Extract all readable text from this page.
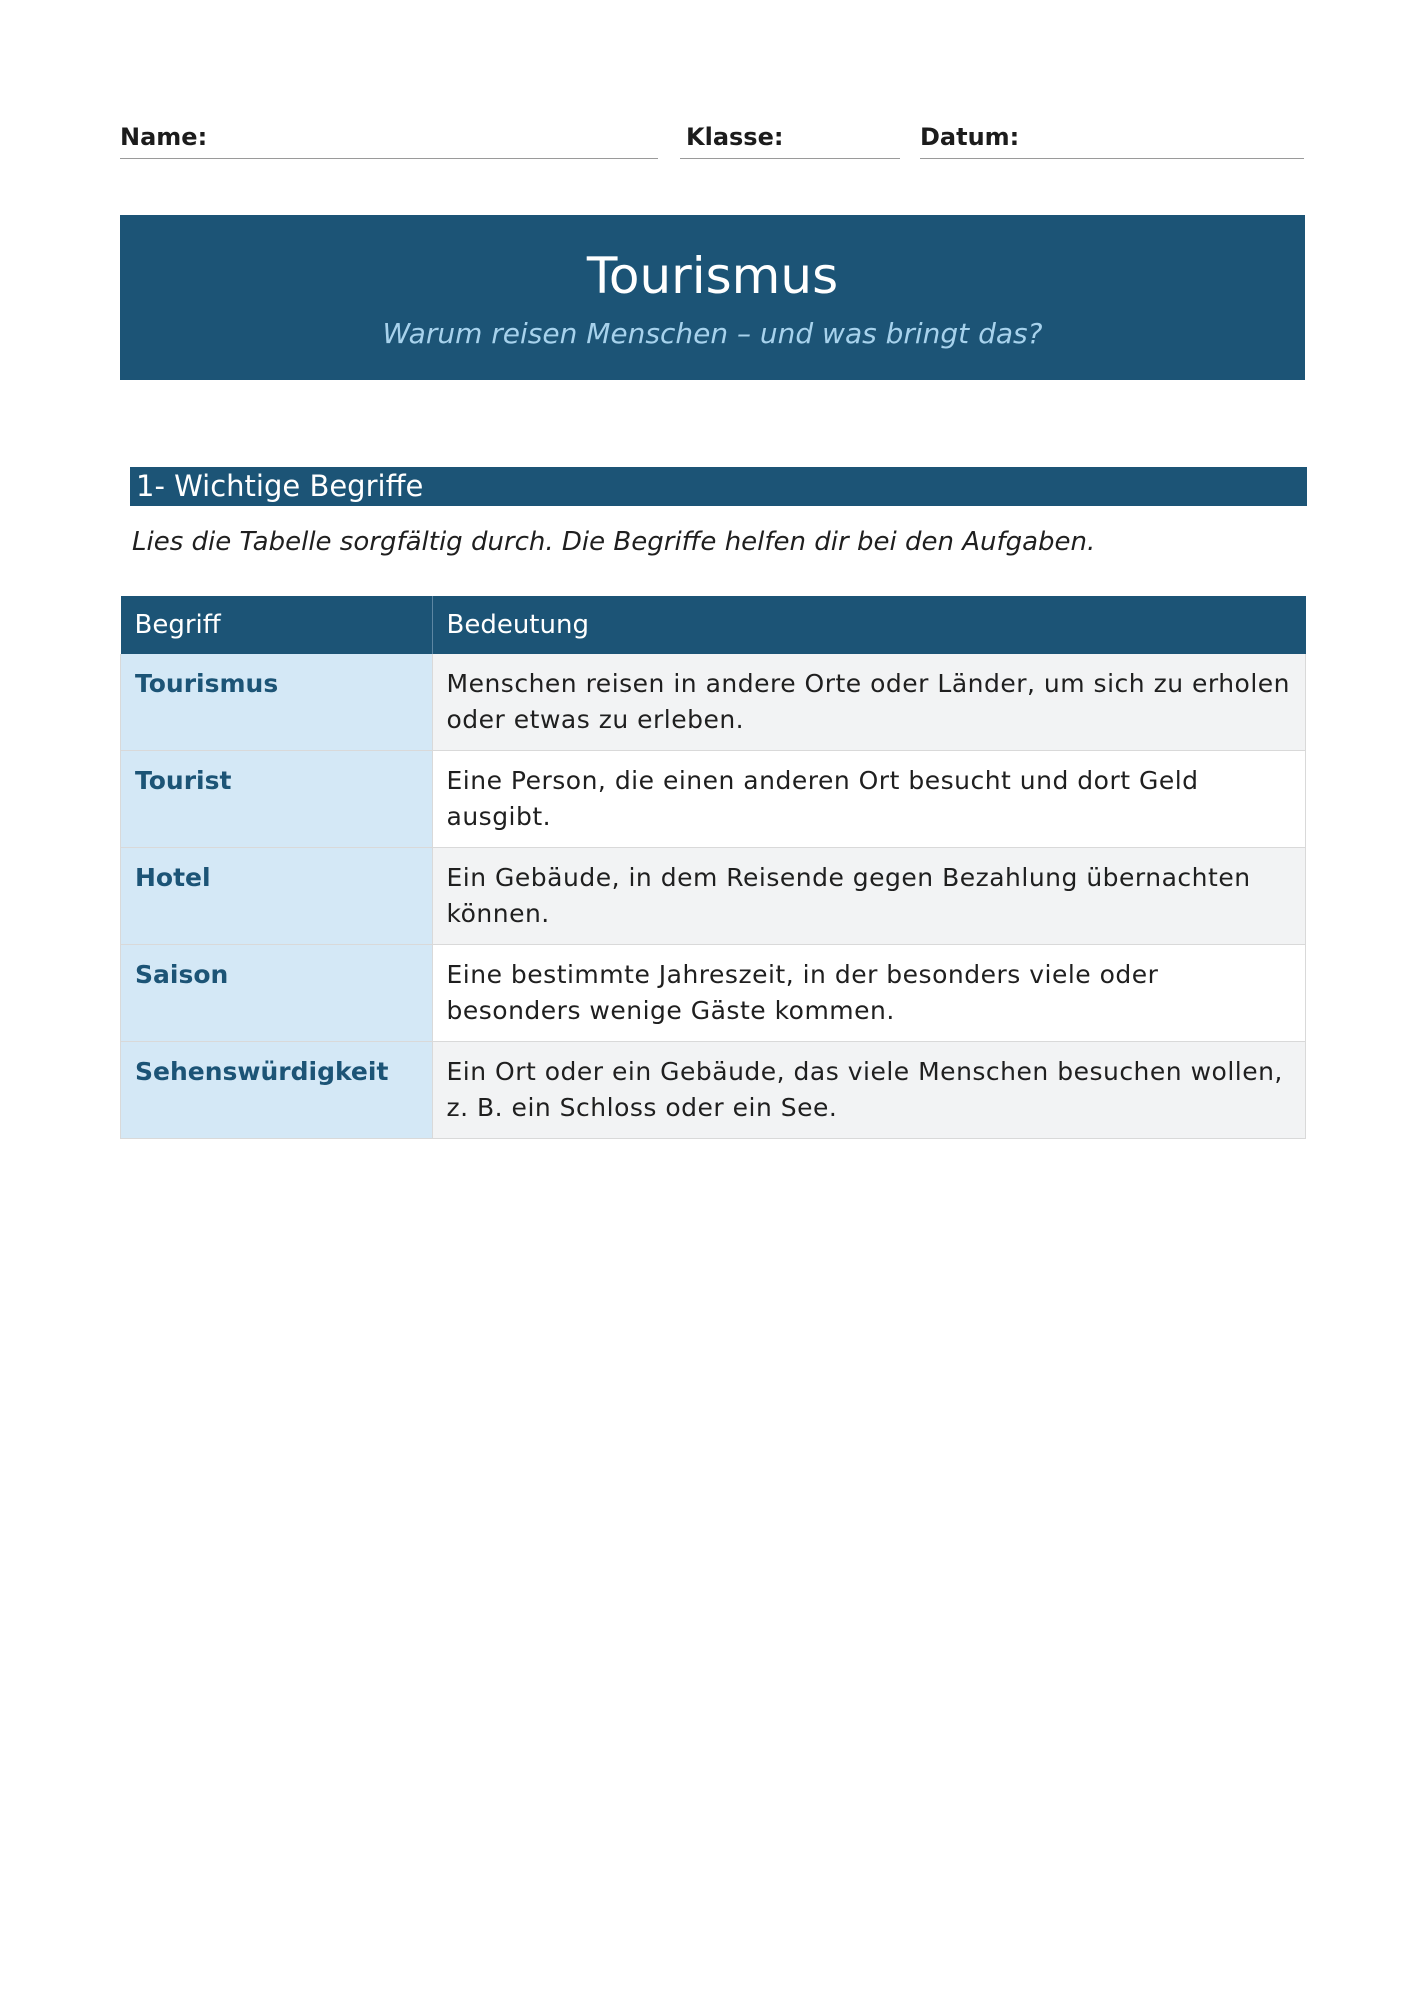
Name:	Klasse:	Datum:
Tourismus
Warum reisen Menschen – und was bringt das?
1- Wichtige Begriffe
Lies die Tabelle sorgfältig durch. Die Begriffe helfen dir bei den Aufgaben.
Begriff	Bedeutung
Tourismus	Menschen reisen in andere Orte oder Länder, um sich zu erholen oder etwas zu erleben.
Tourist	Eine Person, die einen anderen Ort besucht und dort Geld ausgibt.
Hotel	Ein Gebäude, in dem Reisende gegen Bezahlung übernachten können.
Saison	Eine bestimmte Jahreszeit, in der besonders viele oder besonders wenige Gäste kommen.
Sehenswürdigkeit	Ein Ort oder ein Gebäude, das viele Menschen besuchen wollen, z. B. ein Schloss oder ein See.
